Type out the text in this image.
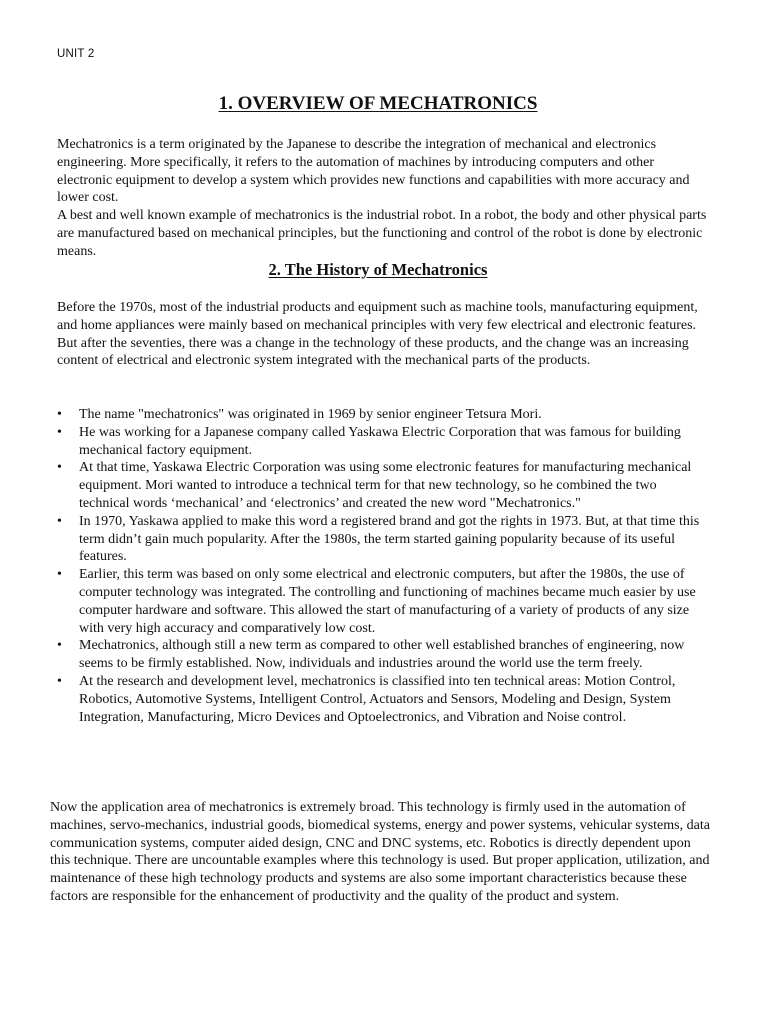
UNIT 2
1. OVERVIEW OF MECHATRONICS

Mechatronics is a term originated by the Japanese to describe the integration of mechanical and electronics engineering. More specifically, it refers to the automation of machines by introducing computers and other electronic equipment to develop a system which provides new functions and capabilities with more accuracy and lower cost.

A best and well known example of mechatronics is the industrial robot. In a robot, the body and other physical parts are manufactured based on mechanical principles, but the functioning and control of the robot is done by electronic means.

2. The History of Mechatronics

Before the 1970s, most of the industrial products and equipment such as machine tools, manufacturing equipment, and home appliances were mainly based on mechanical principles with very few electrical and electronic features. But after the seventies, there was a change in the technology of these products, and the change was an increasing content of electrical and electronic system integrated with the mechanical parts of the products.

• The name "mechatronics" was originated in 1969 by senior engineer Tetsura Mori.
• He was working for a Japanese company called Yaskawa Electric Corporation that was famous for building mechanical factory equipment.
• At that time, Yaskawa Electric Corporation was using some electronic features for manufacturing mechanical equipment. Mori wanted to introduce a technical term for that new technology, so he combined the two technical words ‘mechanical’ and ‘electronics’ and created the new word "Mechatronics."
• In 1970, Yaskawa applied to make this word a registered brand and got the rights in 1973. But, at that time this term didn’t gain much popularity. After the 1980s, the term started gaining popularity because of its useful features.
• Earlier, this term was based on only some electrical and electronic computers, but after the 1980s, the use of computer technology was integrated. The controlling and functioning of machines became much easier by use computer hardware and software. This allowed the start of manufacturing of a variety of products of any size with very high accuracy and comparatively low cost.
• Mechatronics, although still a new term as compared to other well established branches of engineering, now seems to be firmly established. Now, individuals and industries around the world use the term freely.
• At the research and development level, mechatronics is classified into ten technical areas: Motion Control, Robotics, Automotive Systems, Intelligent Control, Actuators and Sensors, Modeling and Design, System Integration, Manufacturing, Micro Devices and Optoelectronics, and Vibration and Noise control.

Now the application area of mechatronics is extremely broad. This technology is firmly used in the automation of machines, servo-mechanics, industrial goods, biomedical systems, energy and power systems, vehicular systems, data communication systems, computer aided design, CNC and DNC systems, etc. Robotics is directly dependent upon this technique. There are uncountable examples where this technology is used. But proper application, utilization, and maintenance of these high technology products and systems are also some important characteristics because these factors are responsible for the enhancement of productivity and the quality of the product and system.
